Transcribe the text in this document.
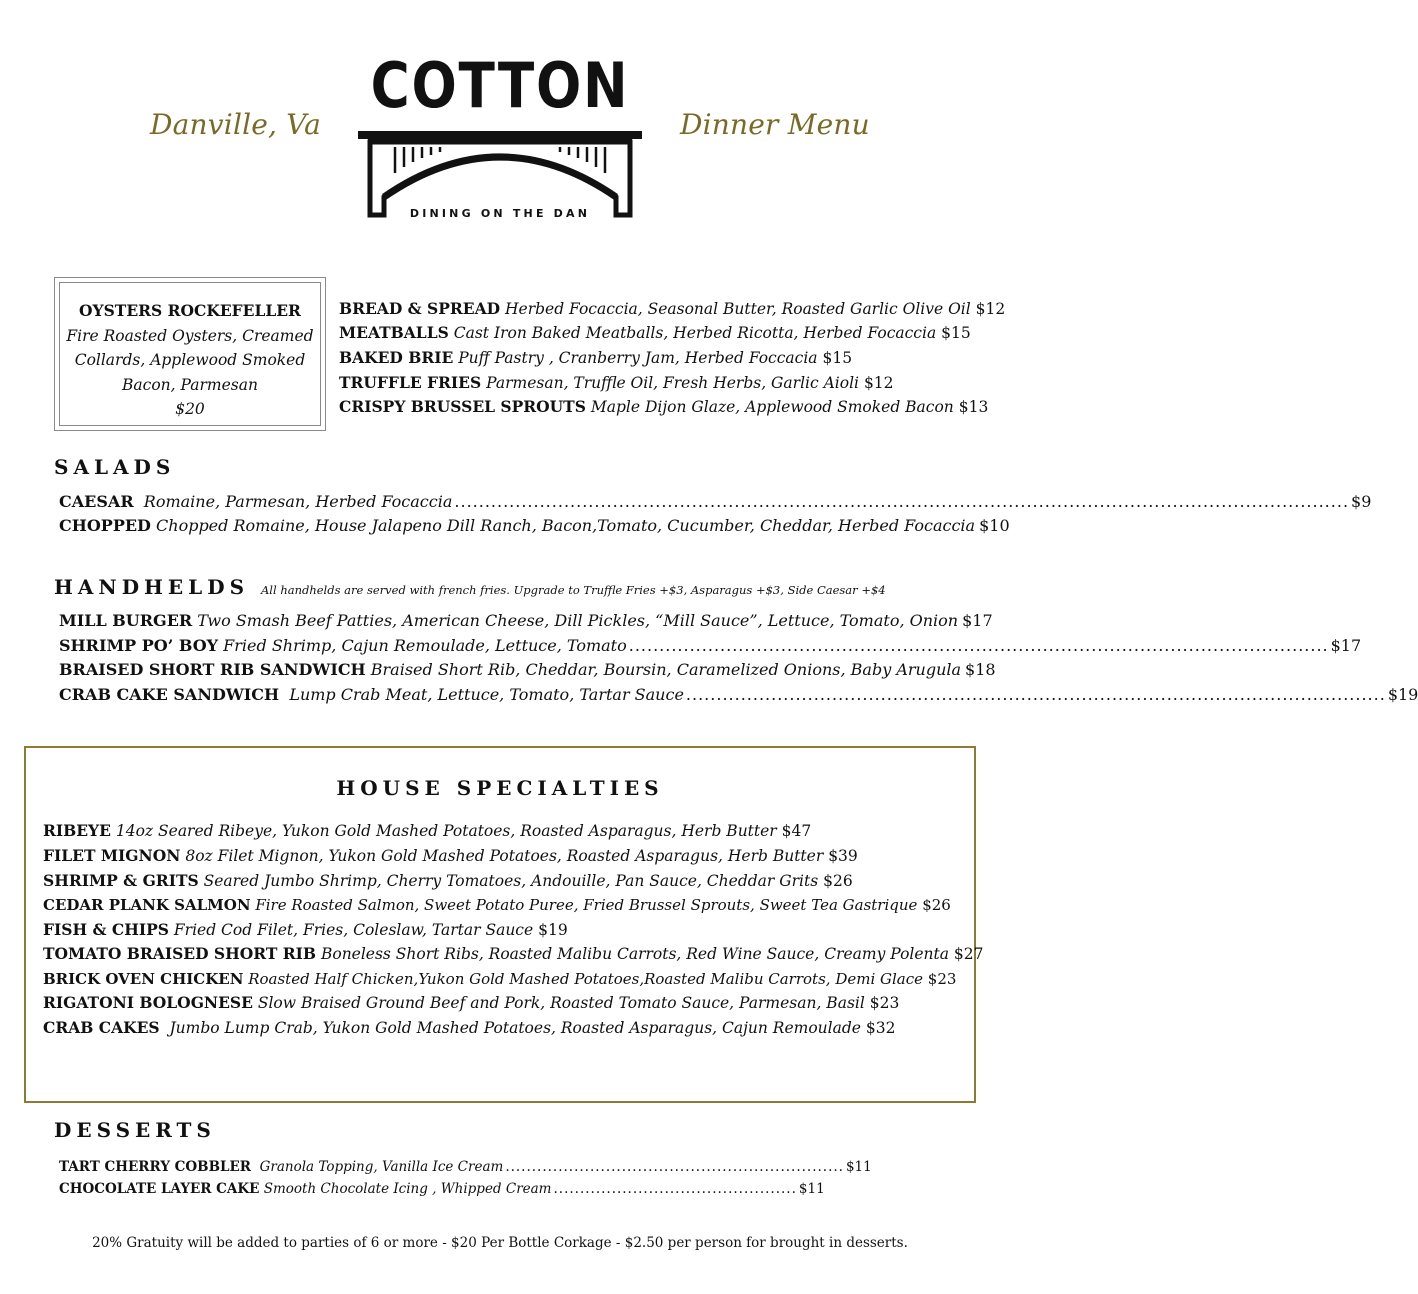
Danville, Va	Dinner Menu
COTTON
DINING ON THE DAN
OYSTERS ROCKEFELLER
Fire Roasted Oysters, Creamed
Collards, Applewood Smoked
Bacon, Parmesan
$20
BREAD & SPREAD Herbed Focaccia, Seasonal Butter, Roasted Garlic Olive Oil $12
MEATBALLS Cast Iron Baked Meatballs, Herbed Ricotta, Herbed Focaccia $15
BAKED BRIE Puff Pastry , Cranberry Jam, Herbed Foccacia $15
TRUFFLE FRIES Parmesan, Truffle Oil, Fresh Herbs, Garlic Aioli $12
CRISPY BRUSSEL SPROUTS Maple Dijon Glaze, Applewood Smoked Bacon $13
SALADS
CAESAR Romaine, Parmesan, Herbed Focaccia ................................................................................................................................................... $9
CHOPPED Chopped Romaine, House Jalapeno Dill Ranch, Bacon,Tomato, Cucumber, Cheddar, Herbed Focaccia $10
HANDHELDS All handhelds are served with french fries. Upgrade to Truffle Fries +$3, Asparagus +$3, Side Caesar +$4
MILL BURGER Two Smash Beef Patties, American Cheese, Dill Pickles, “Mill Sauce”, Lettuce, Tomato, Onion $17
SHRIMP PO’ BOY Fried Shrimp, Cajun Remoulade, Lettuce, Tomato ................................................................................................................... $17
BRAISED SHORT RIB SANDWICH Braised Short Rib, Cheddar, Boursin, Caramelized Onions, Baby Arugula $18
CRAB CAKE SANDWICH Lump Crab Meat, Lettuce, Tomato, Tartar Sauce ................................................................................................................... $19
HOUSE SPECIALTIES
RIBEYE 14oz Seared Ribeye, Yukon Gold Mashed Potatoes, Roasted Asparagus, Herb Butter $47
FILET MIGNON 8oz Filet Mignon, Yukon Gold Mashed Potatoes, Roasted Asparagus, Herb Butter $39
SHRIMP & GRITS Seared Jumbo Shrimp, Cherry Tomatoes, Andouille, Pan Sauce, Cheddar Grits $26
CEDAR PLANK SALMON Fire Roasted Salmon, Sweet Potato Puree, Fried Brussel Sprouts, Sweet Tea Gastrique $26
FISH & CHIPS Fried Cod Filet, Fries, Coleslaw, Tartar Sauce $19
TOMATO BRAISED SHORT RIB Boneless Short Ribs, Roasted Malibu Carrots, Red Wine Sauce, Creamy Polenta $27
BRICK OVEN CHICKEN Roasted Half Chicken,Yukon Gold Mashed Potatoes,Roasted Malibu Carrots, Demi Glace $23
RIGATONI BOLOGNESE Slow Braised Ground Beef and Pork, Roasted Tomato Sauce, Parmesan, Basil $23
CRAB CAKES Jumbo Lump Crab, Yukon Gold Mashed Potatoes, Roasted Asparagus, Cajun Remoulade $32
DESSERTS
TART CHERRY COBBLER Granola Topping, Vanilla Ice Cream ................................................................ $11
CHOCOLATE LAYER CAKE Smooth Chocolate Icing , Whipped Cream .............................................. $11
20% Gratuity will be added to parties of 6 or more - $20 Per Bottle Corkage - $2.50 per person for brought in desserts.
